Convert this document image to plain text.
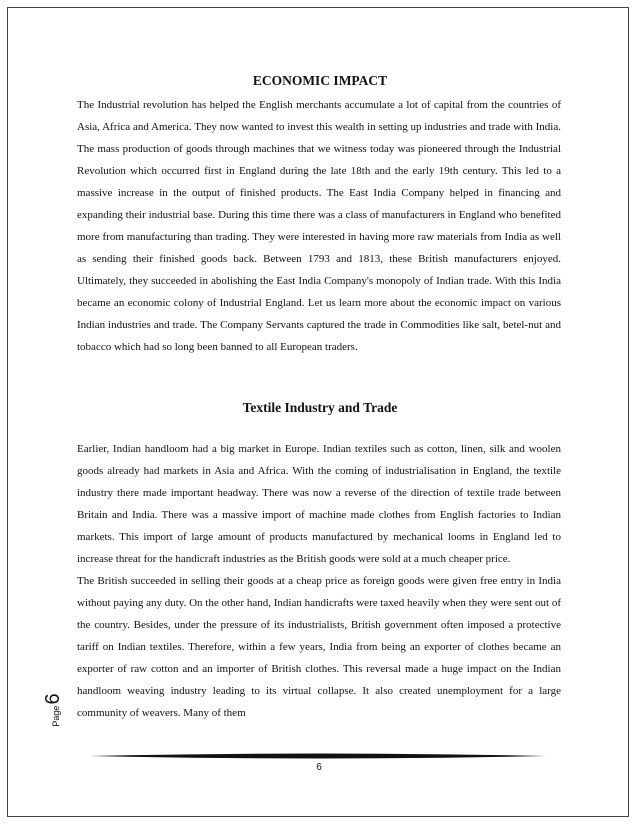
ECONOMIC IMPACT

The Industrial revolution has helped the English merchants accumulate a lot of capital from the countries of Asia, Africa and America. They now wanted to invest this wealth in setting up industries and trade with India. The mass production of goods through machines that we witness today was pioneered through the Industrial Revolution which occurred first in England during the late 18th and the early 19th century. This led to a massive increase in the output of finished products. The East India Company helped in financing and expanding their industrial base. During this time there was a class of manufacturers in England who benefited more from manufacturing than trading. They were interested in having more raw materials from India as well as sending their finished goods back. Between 1793 and 1813, these British manufacturers enjoyed. Ultimately, they succeeded in abolishing the East India Company's monopoly of Indian trade. With this India became an economic colony of Industrial England. Let us learn more about the economic impact on various Indian industries and trade. The Company Servants captured the trade in Commodities like salt, betel-nut and tobacco which had so long been banned to all European traders.

Textile Industry and Trade

Earlier, Indian handloom had a big market in Europe. Indian textiles such as cotton, linen, silk and woolen goods already had markets in Asia and Africa. With the coming of industrialisation in England, the textile industry there made important headway. There was now a reverse of the direction of textile trade between Britain and India. There was a massive import of machine made clothes from English factories to Indian markets. This import of large amount of products manufactured by mechanical looms in England led to increase threat for the handicraft industries as the British goods were sold at a much cheaper price.

The British succeeded in selling their goods at a cheap price as foreign goods were given free entry in India without paying any duty. On the other hand, Indian handicrafts were taxed heavily when they were sent out of the country. Besides, under the pressure of its industrialists, British government often imposed a protective tariff on Indian textiles. Therefore, within a few years, India from being an exporter of clothes became an exporter of raw cotton and an importer of British clothes. This reversal made a huge impact on the Indian handloom weaving industry leading to its virtual collapse. It also created unemployment for a large community of weavers. Many of them

Page
6
6
